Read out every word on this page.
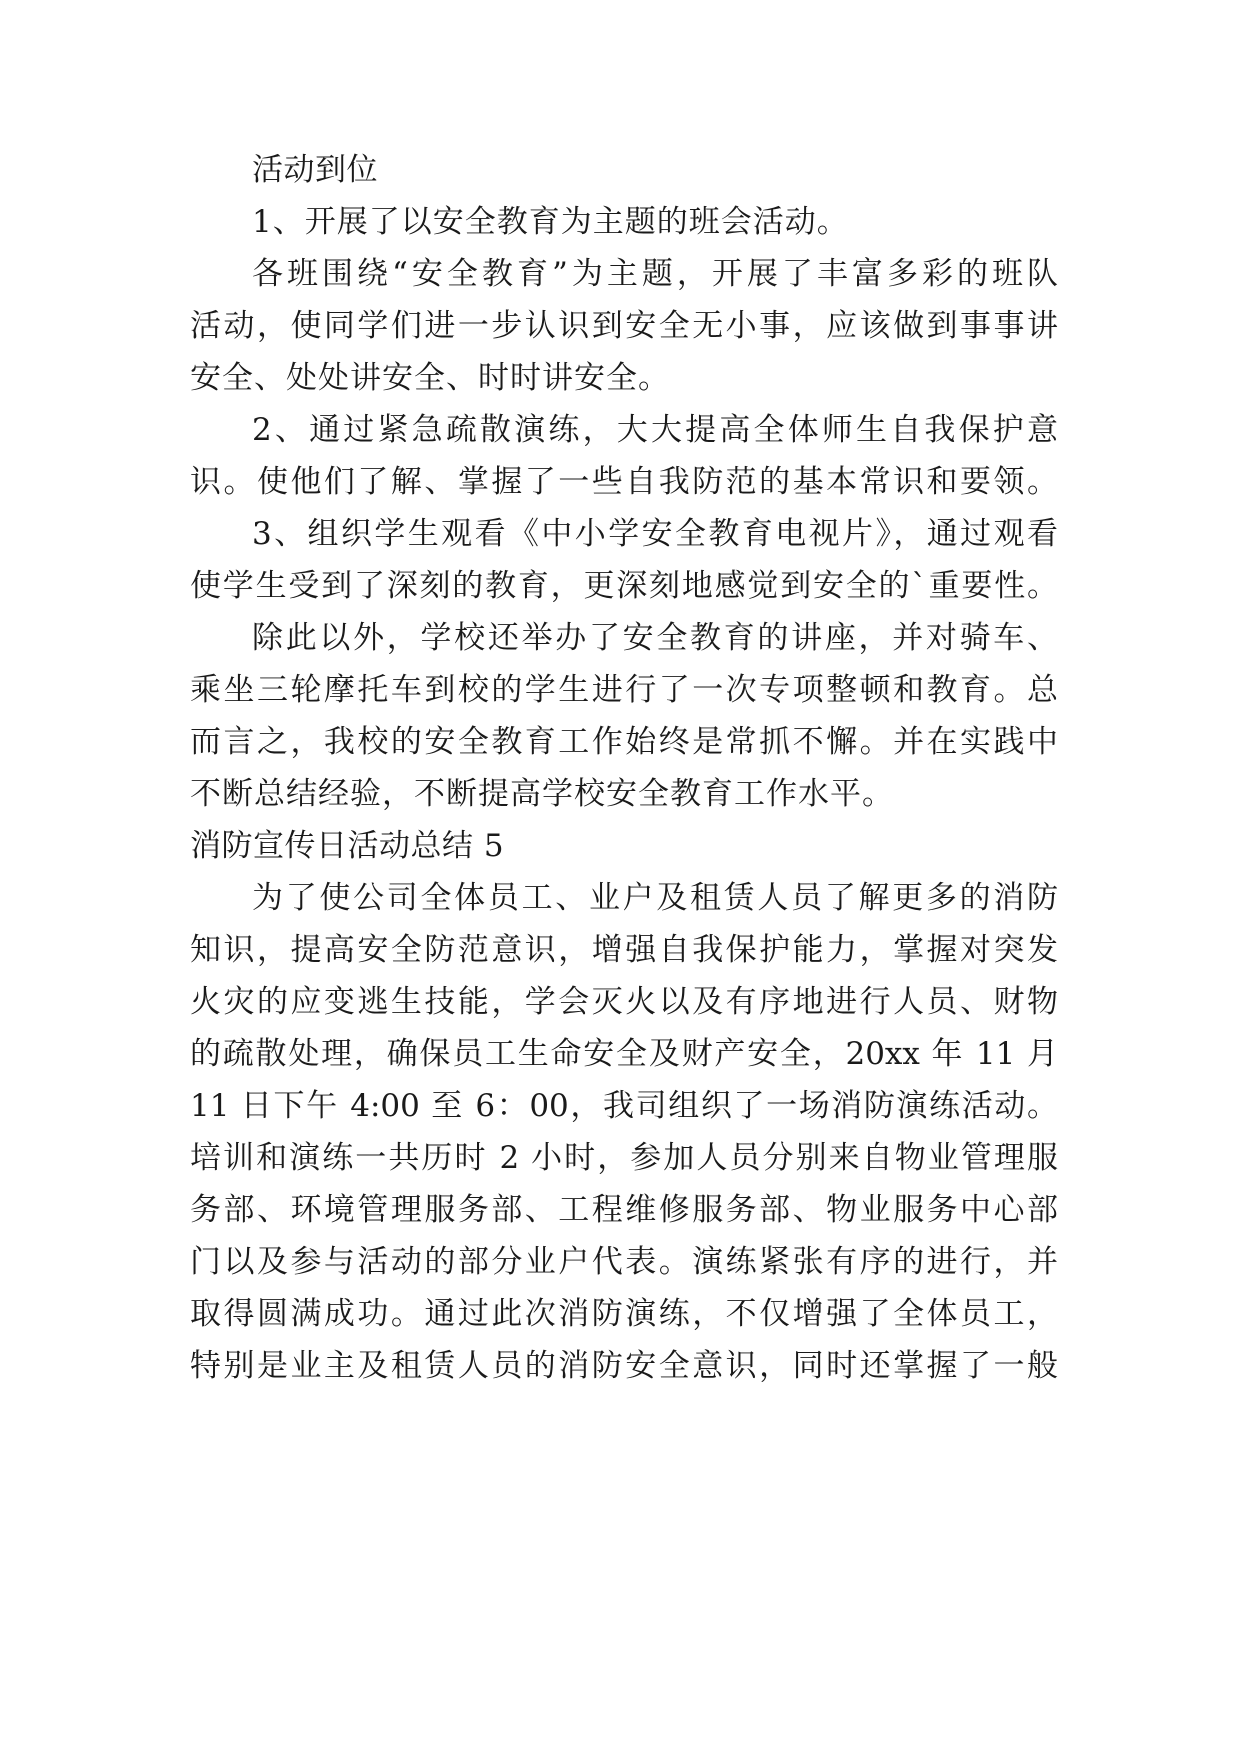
活动到位

1、开展了以安全教育为主题的班会活动。

各班围绕“安全教育”为主题，开展了丰富多彩的班队

活动，使同学们进一步认识到安全无小事，应该做到事事讲

安全、处处讲安全、时时讲安全。

2、通过紧急疏散演练，大大提高全体师生自我保护意

识。使他们了解、掌握了一些自我防范的基本常识和要领。

3、组织学生观看《中小学安全教育电视片》，通过观看

使学生受到了深刻的教育，更深刻地感觉到安全的`重要性。

除此以外，学校还举办了安全教育的讲座，并对骑车、

乘坐三轮摩托车到校的学生进行了一次专项整顿和教育。总

而言之，我校的安全教育工作始终是常抓不懈。并在实践中

不断总结经验，不断提高学校安全教育工作水平。

消防宣传日活动总结 5

为了使公司全体员工、业户及租赁人员了解更多的消防

知识，提高安全防范意识，增强自我保护能力，掌握对突发

火灾的应变逃生技能，学会灭火以及有序地进行人员、财物

的疏散处理，确保员工生命安全及财产安全，20xx 年 11 月

11 日下午 4:00 至 6：00，我司组织了一场消防演练活动。

培训和演练一共历时 2 小时，参加人员分别来自物业管理服

务部、环境管理服务部、工程维修服务部、物业服务中心部

门以及参与活动的部分业户代表。演练紧张有序的进行，并

取得圆满成功。通过此次消防演练，不仅增强了全体员工，

特别是业主及租赁人员的消防安全意识，同时还掌握了一般
